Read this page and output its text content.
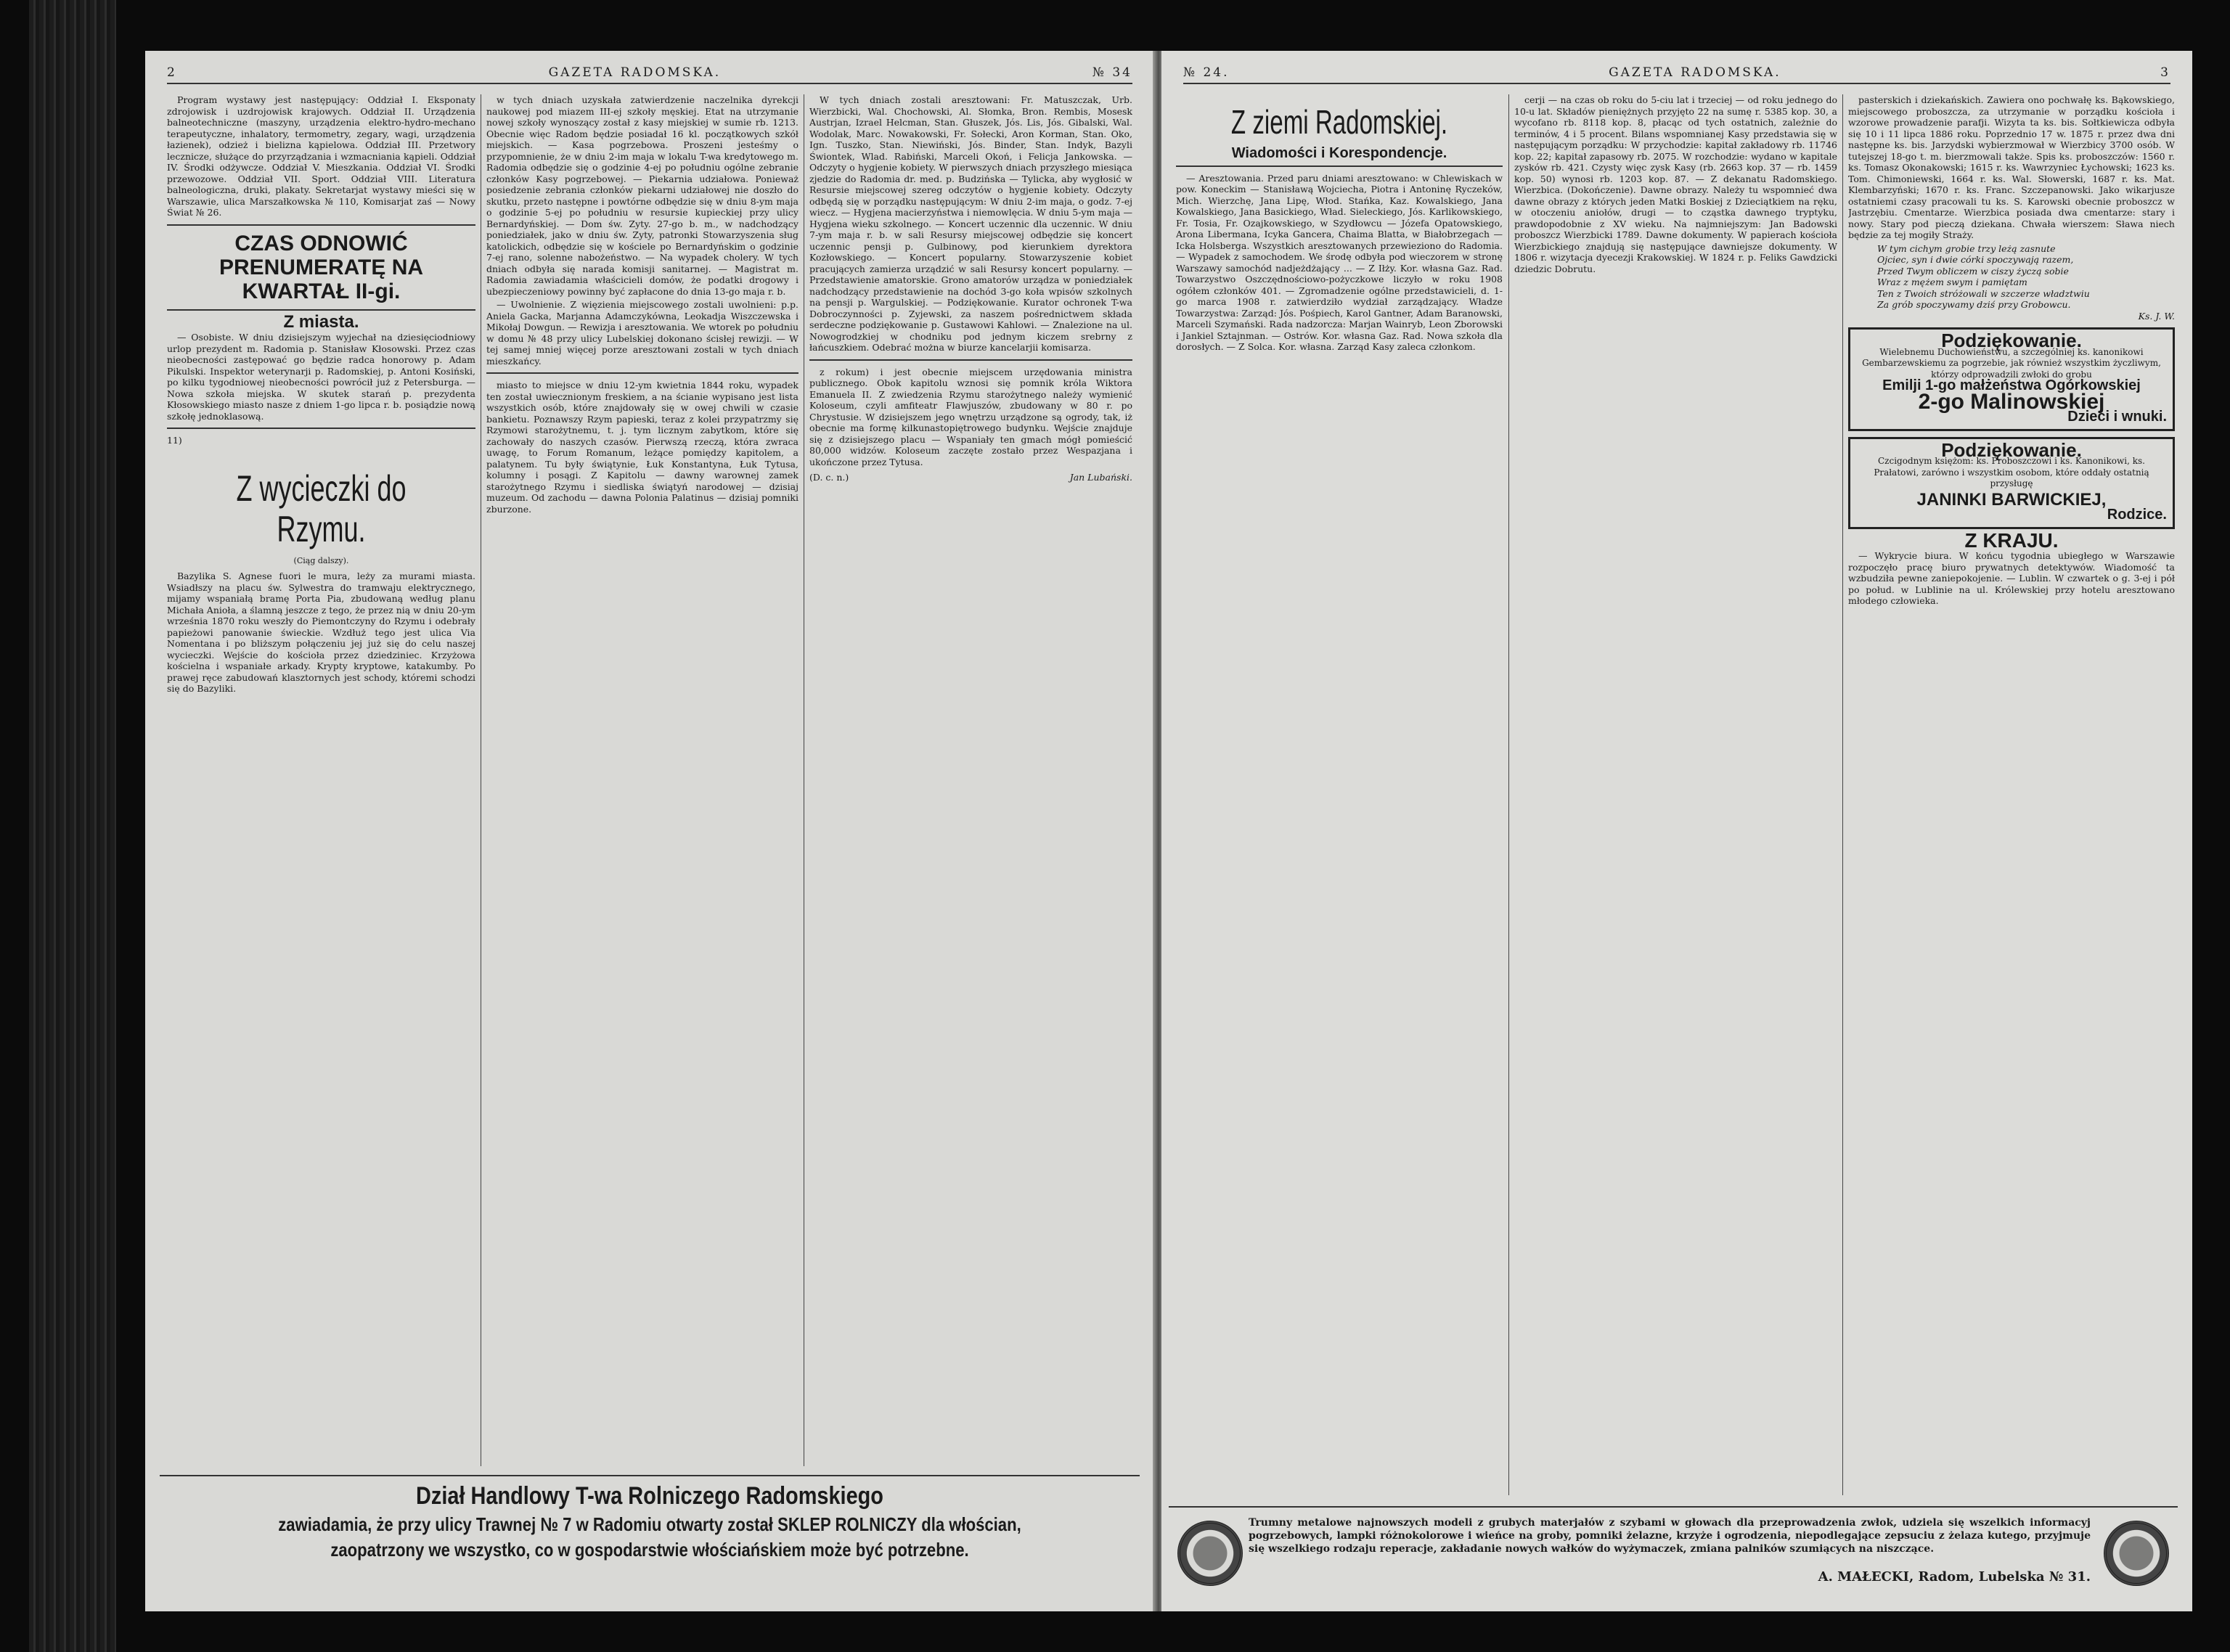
2	GAZETA RADOMSKA.	№ 34

Program wystawy jest następujący: Oddział I. Eksponaty zdrojowisk i uzdrojowisk krajowych. Oddział II. Urządzenia balneotechniczne (maszyny, urządzenia elektro-hydro-mechano terapeutyczne, inhalatory, termometry, zegary, wagi, urządzenia łazienek), odzież i bielizna kąpielowa. Oddział III. Przetwory lecznicze, służące do przyrządzania i wzmacniania kąpieli. Oddział IV. Środki odżywcze. Oddział V. Mieszkania. Oddział VI. Środki przewozowe. Oddział VII. Sport. Oddział VIII. Literatura balneologiczna, druki, plakaty. Sekretarjat wystawy mieści się w Warszawie, ulica Marszałkowska № 110, Komisarjat zaś — Nowy Świat № 26.

CZAS ODNOWIĆ PRENUMERATĘ NA KWARTAŁ II-gi.
Z miasta.

— Osobiste. W dniu dzisiejszym wyjechał na dziesięciodniowy urlop prezydent m. Radomia p. Stanisław Kłosowski. Przez czas nieobecności zastępować go będzie radca honorowy p. Adam Pikulski. Inspektor weterynarji p. Radomskiej, p. Antoni Kosiński, po kilku tygodniowej nieobecności powrócił już z Petersburga. — Nowa szkoła miejska. W skutek starań p. prezydenta Kłosowskiego miasto nasze z dniem 1-go lipca r. b. posiądzie nową szkołę jednoklasową.

11)
Z wycieczki do Rzymu.
(Ciąg dalszy).

Bazylika S. Agnese fuori le mura, leży za murami miasta. Wsiadłszy na placu św. Sylwestra do tramwaju elektrycznego, mijamy wspaniałą bramę Porta Pia, zbudowaną według planu Michała Anioła, a ślamną jeszcze z tego, że przez nią w dniu 20-ym września 1870 roku weszły do Piemontczyny do Rzymu i odebrały papieżowi panowanie świeckie. Wzdłuż tego jest ulica Via Nomentana i po bliższym połączeniu jej już się do celu naszej wycieczki. Wejście do kościoła przez dziedziniec. Krzyżowa kościelna i wspaniałe arkady. Krypty kryptowe, katakumby. Po prawej ręce zabudowań klasztornych jest schody, któremi schodzi się do Bazyliki.

w tych dniach uzyskała zatwierdzenie naczelnika dyrekcji naukowej pod miazem III-ej szkoły męskiej. Etat na utrzymanie nowej szkoły wynoszący został z kasy miejskiej w sumie rb. 1213. Obecnie więc Radom będzie posiadał 16 kl. początkowych szkół miejskich. — Kasa pogrzebowa. Proszeni jesteśmy o przypomnienie, że w dniu 2-im maja w lokalu T-wa kredytowego m. Radomia odbędzie się o godzinie 4-ej po południu ogólne zebranie członków Kasy pogrzebowej. — Piekarnia udziałowa. Ponieważ posiedzenie zebrania członków piekarni udziałowej nie doszło do skutku, przeto następne i powtórne odbędzie się w dniu 8-ym maja o godzinie 5-ej po południu w resursie kupieckiej przy ulicy Bernardyńskiej. — Dom św. Zyty. 27-go b. m., w nadchodzący poniedziałek, jako w dniu św. Zyty, patronki Stowarzyszenia sług katolickich, odbędzie się w kościele po Bernardyńskim o godzinie 7-ej rano, solenne nabożeństwo. — Na wypadek cholery. W tych dniach odbyła się narada komisji sanitarnej. — Magistrat m. Radomia zawiadamia właścicieli domów, że podatki drogowy i ubezpieczeniowy powinny być zapłacone do dnia 13-go maja r. b.

— Uwolnienie. Z więzienia miejscowego zostali uwolnieni: p.p. Aniela Gacka, Marjanna Adamczykówna, Leokadja Wiszczewska i Mikołaj Dowgun. — Rewizja i aresztowania. We wtorek po południu w domu № 48 przy ulicy Lubelskiej dokonano ścisłej rewizji. — W tej samej mniej więcej porze aresztowani zostali w tych dniach mieszkańcy.

miasto to miejsce w dniu 12-ym kwietnia 1844 roku, wypadek ten został uwiecznionym freskiem, a na ścianie wypisano jest lista wszystkich osób, które znajdowały się w owej chwili w czasie bankietu. Poznawszy Rzym papieski, teraz z kolei przypatrzmy się Rzymowi starożytnemu, t. j. tym licznym zabytkom, które się zachowały do naszych czasów. Pierwszą rzeczą, która zwraca uwagę, to Forum Romanum, leżące pomiędzy kapitolem, a palatynem. Tu były świątynie, Łuk Konstantyna, Łuk Tytusa, kolumny i posągi. Z Kapitolu — dawny warownej zamek starożytnego Rzymu i siedliska świątyń narodowej — dzisiaj muzeum. Od zachodu — dawna Polonia Palatinus — dzisiaj pomniki zburzone.

W tych dniach zostali aresztowani: Fr. Matuszczak, Urb. Wierzbicki, Wal. Chochowski, Al. Słomka, Bron. Rembis, Mosesk Austrjan, Izrael Helcman, Stan. Głuszek, Jós. Lis, Jós. Gibalski, Wal. Wodolak, Marc. Nowakowski, Fr. Sołecki, Aron Korman, Stan. Oko, Ign. Tuszko, Stan. Niewiński, Jós. Binder, Stan. Indyk, Bazyli Świontek, Wlad. Rabiński, Marceli Okoń, i Felicja Jankowska. — Odczyty o hygjenie kobiety. W pierwszych dniach przyszłego miesiąca zjedzie do Radomia dr. med. p. Budzińska — Tylicka, aby wygłosić w Resursie miejscowej szereg odczytów o hygjenie kobiety. Odczyty odbędą się w porządku następującym: W dniu 2-im maja, o godz. 7-ej wiecz. — Hygjena macierzyństwa i niemowlęcia. W dniu 5-ym maja — Hygjena wieku szkolnego. — Koncert uczennic dla uczennic. W dniu 7-ym maja r. b. w sali Resursy miejscowej odbędzie się koncert uczennic pensji p. Gulbinowy, pod kierunkiem dyrektora Kozłowskiego. — Koncert popularny. Stowarzyszenie kobiet pracujących zamierza urządzić w sali Resursy koncert popularny. — Przedstawienie amatorskie. Grono amatorów urządza w poniedziałek nadchodzący przedstawienie na dochód 3-go koła wpisów szkolnych na pensji p. Wargulskiej. — Podziękowanie. Kurator ochronek T-wa Dobroczynności p. Zyjewski, za naszem pośrednictwem składa serdeczne podziękowanie p. Gustawowi Kahlowi. — Znalezione na ul. Nowogrodzkiej w chodniku pod jednym kiczem srebrny z łańcuszkiem. Odebrać można w biurze kancelarjii komisarza.

z rokum) i jest obecnie miejscem urzędowania ministra publicznego. Obok kapitolu wznosi się pomnik króla Wiktora Emanuela II. Z zwiedzenia Rzymu starożytnego należy wymienić Koloseum, czyli amfiteatr Flawjuszów, zbudowany w 80 r. po Chrystusie. W dzisiejszem jego wnętrzu urządzone są ogrody, tak, iż obecnie ma formę kilkunastopiętrowego budynku. Wejście znajduje się z dzisiejszego placu — Wspaniały ten gmach mógł pomieścić 80,000 widzów. Koloseum zaczęte zostało przez Wespazjana i ukończone przez Tytusa.

(D. c. n.)	Jan Lubański.
Dział Handlowy T-wa Rolniczego Radomskiego
zawiadamia, że przy ulicy Trawnej № 7 w Radomiu otwarty został SKLEP ROLNICZY dla włościan,
zaopatrzony we wszystko, co w gospodarstwie włościańskiem może być potrzebne.
№ 24.	GAZETA RADOMSKA.	3
Z ziemi Radomskiej.
Wiadomości i Korespondencje.

— Aresztowania. Przed paru dniami aresztowano: w Chlewiskach w pow. Koneckim — Stanisławą Wojciecha, Piotra i Antoninę Ryczeków, Mich. Wierzchę, Jana Lipę, Włod. Stańka, Kaz. Kowalskiego, Jana Kowalskiego, Jana Basickiego, Wład. Sieleckiego, Jós. Karlikowskiego, Fr. Tosia, Fr. Ozajkowskiego, w Szydłowcu — Józefa Opatowskiego, Arona Libermana, Icyka Gancera, Chaima Blatta, w Białobrzegach — Icka Holsberga. Wszystkich aresztowanych przewieziono do Radomia. — Wypadek z samochodem. We środę odbyła pod wieczorem w stronę Warszawy samochód nadjeżdżający ... — Z Iłży. Kor. własna Gaz. Rad. Towarzystwo Oszczędnościowo-pożyczkowe liczyło w roku 1908 ogółem członków 401. — Zgromadzenie ogólne przedstawicieli, d. 1-go marca 1908 r. zatwierdziło wydział zarządzający. Władze Towarzystwa: Zarząd: Jós. Pośpiech, Karol Gantner, Adam Baranowski, Marceli Szymański. Rada nadzorcza: Marjan Wainryb, Leon Zborowski i Jankiel Sztajnman. — Ostrów. Kor. własna Gaz. Rad. Nowa szkoła dla dorosłych. — Z Solca. Kor. własna. Zarząd Kasy zaleca członkom.

cerji — na czas ob roku do 5-ciu lat i trzeciej — od roku jednego do 10-u lat. Składów pieniężnych przyjęto 22 na sumę r. 5385 kop. 30, a wycofano rb. 8118 kop. 8, płacąc od tych ostatnich, zależnie do terminów, 4 i 5 procent. Bilans wspomnianej Kasy przedstawia się w następującym porządku: W przychodzie: kapitał zakładowy rb. 11746 kop. 22; kapitał zapasowy rb. 2075. W rozchodzie: wydano w kapitale zysków rb. 421. Czysty więc zysk Kasy (rb. 2663 kop. 37 — rb. 1459 kop. 50) wynosi rb. 1203 kop. 87. — Z dekanatu Radomskiego. Wierzbica. (Dokończenie). Dawne obrazy. Należy tu wspomnieć dwa dawne obrazy z których jeden Matki Boskiej z Dzieciątkiem na ręku, w otoczeniu aniołów, drugi — to cząstka dawnego tryptyku, prawdopodobnie z XV wieku. Na najmniejszym: Jan Badowski proboszcz Wierzbicki 1789. Dawne dokumenty. W papierach kościoła Wierzbickiego znajdują się następujące dawniejsze dokumenty. W 1806 r. wizytacja dyecezji Krakowskiej. W 1824 r. p. Feliks Gawdzicki dziedzic Dobrutu.

pasterskich i dziekańskich. Zawiera ono pochwałę ks. Bąkowskiego, miejscowego proboszcza, za utrzymanie w porządku kościoła i wzorowe prowadzenie parafji. Wizyta ta ks. bis. Sołtkiewicza odbyła się 10 i 11 lipca 1886 roku. Poprzednio 17 w. 1875 r. przez dwa dni następne ks. bis. Jarzydski wybierzmował w Wierzbicy 3700 osób. W tutejszej 18-go t. m. bierzmowali także. Spis ks. proboszczów: 1560 r. ks. Tomasz Okonakowski; 1615 r. ks. Wawrzyniec Łychowski; 1623 ks. Tom. Chimoniewski, 1664 r. ks. Wal. Słowerski, 1687 r. ks. Mat. Klembarzyński; 1670 r. ks. Franc. Szczepanowski. Jako wikarjusze ostatniemi czasy pracowali tu ks. S. Karowski obecnie proboszcz w Jastrzębiu. Cmentarze. Wierzbica posiada dwa cmentarze: stary i nowy. Stary pod pieczą dziekana. Chwała wierszem: Sława niech będzie za tej mogiły Straży.

W tym cichym grobie trzy leżą zasnute
Ojciec, syn i dwie córki spoczywają razem,
Przed Twym obliczem w ciszy życzą sobie
Wraz z mężem swym i pamiętam
Ten z Twoich stróżowali w szczerze władztwiu
Za grób spoczywamy dziś przy Grobowcu.
Ks. J. W.
Podziękowanie.
Wielebnemu Duchowieństwu, a szczególniej ks. kanonikowi Gembarzewskiemu za pogrzebie, jak również wszystkim życzliwym, którzy odprowadzili zwłoki do grobu
Emilji 1-go małżeństwa Ogórkowskiej
2-go Malinowskiej
Dzieci i wnuki.
Podziękowanie.
Czcigodnym księżom: ks. Proboszczowi i ks. Kanonikowi, ks. Prałatowi, zarówno i wszystkim osobom, które oddały ostatnią przysługę
JANINKI BARWICKIEJ,
Rodzice.
Z KRAJU.

— Wykrycie biura. W końcu tygodnia ubiegłego w Warszawie rozpoczęło pracę biuro prywatnych detektywów. Wiadomość ta wzbudziła pewne zaniepokojenie. — Lublin. W czwartek o g. 3-ej i pół po połud. w Lublinie na ul. Królewskiej przy hotelu aresztowano młodego człowieka.

Trumny metalowe najnowszych modeli z grubych materjałów z szybami w głowach dla przeprowadzenia zwłok, udziela się wszelkich informacyj pogrzebowych, lampki różnokolorowe i wieńce na groby, pomniki żelazne, krzyże i ogrodzenia, niepodlegające zepsuciu z żelaza kutego, przyjmuje się wszelkiego rodzaju reperacje, zakładanie nowych wałków do wyżymaczek, zmiana palników szumiących na niszczące.
A. MAŁECKI, Radom, Lubelska № 31.
